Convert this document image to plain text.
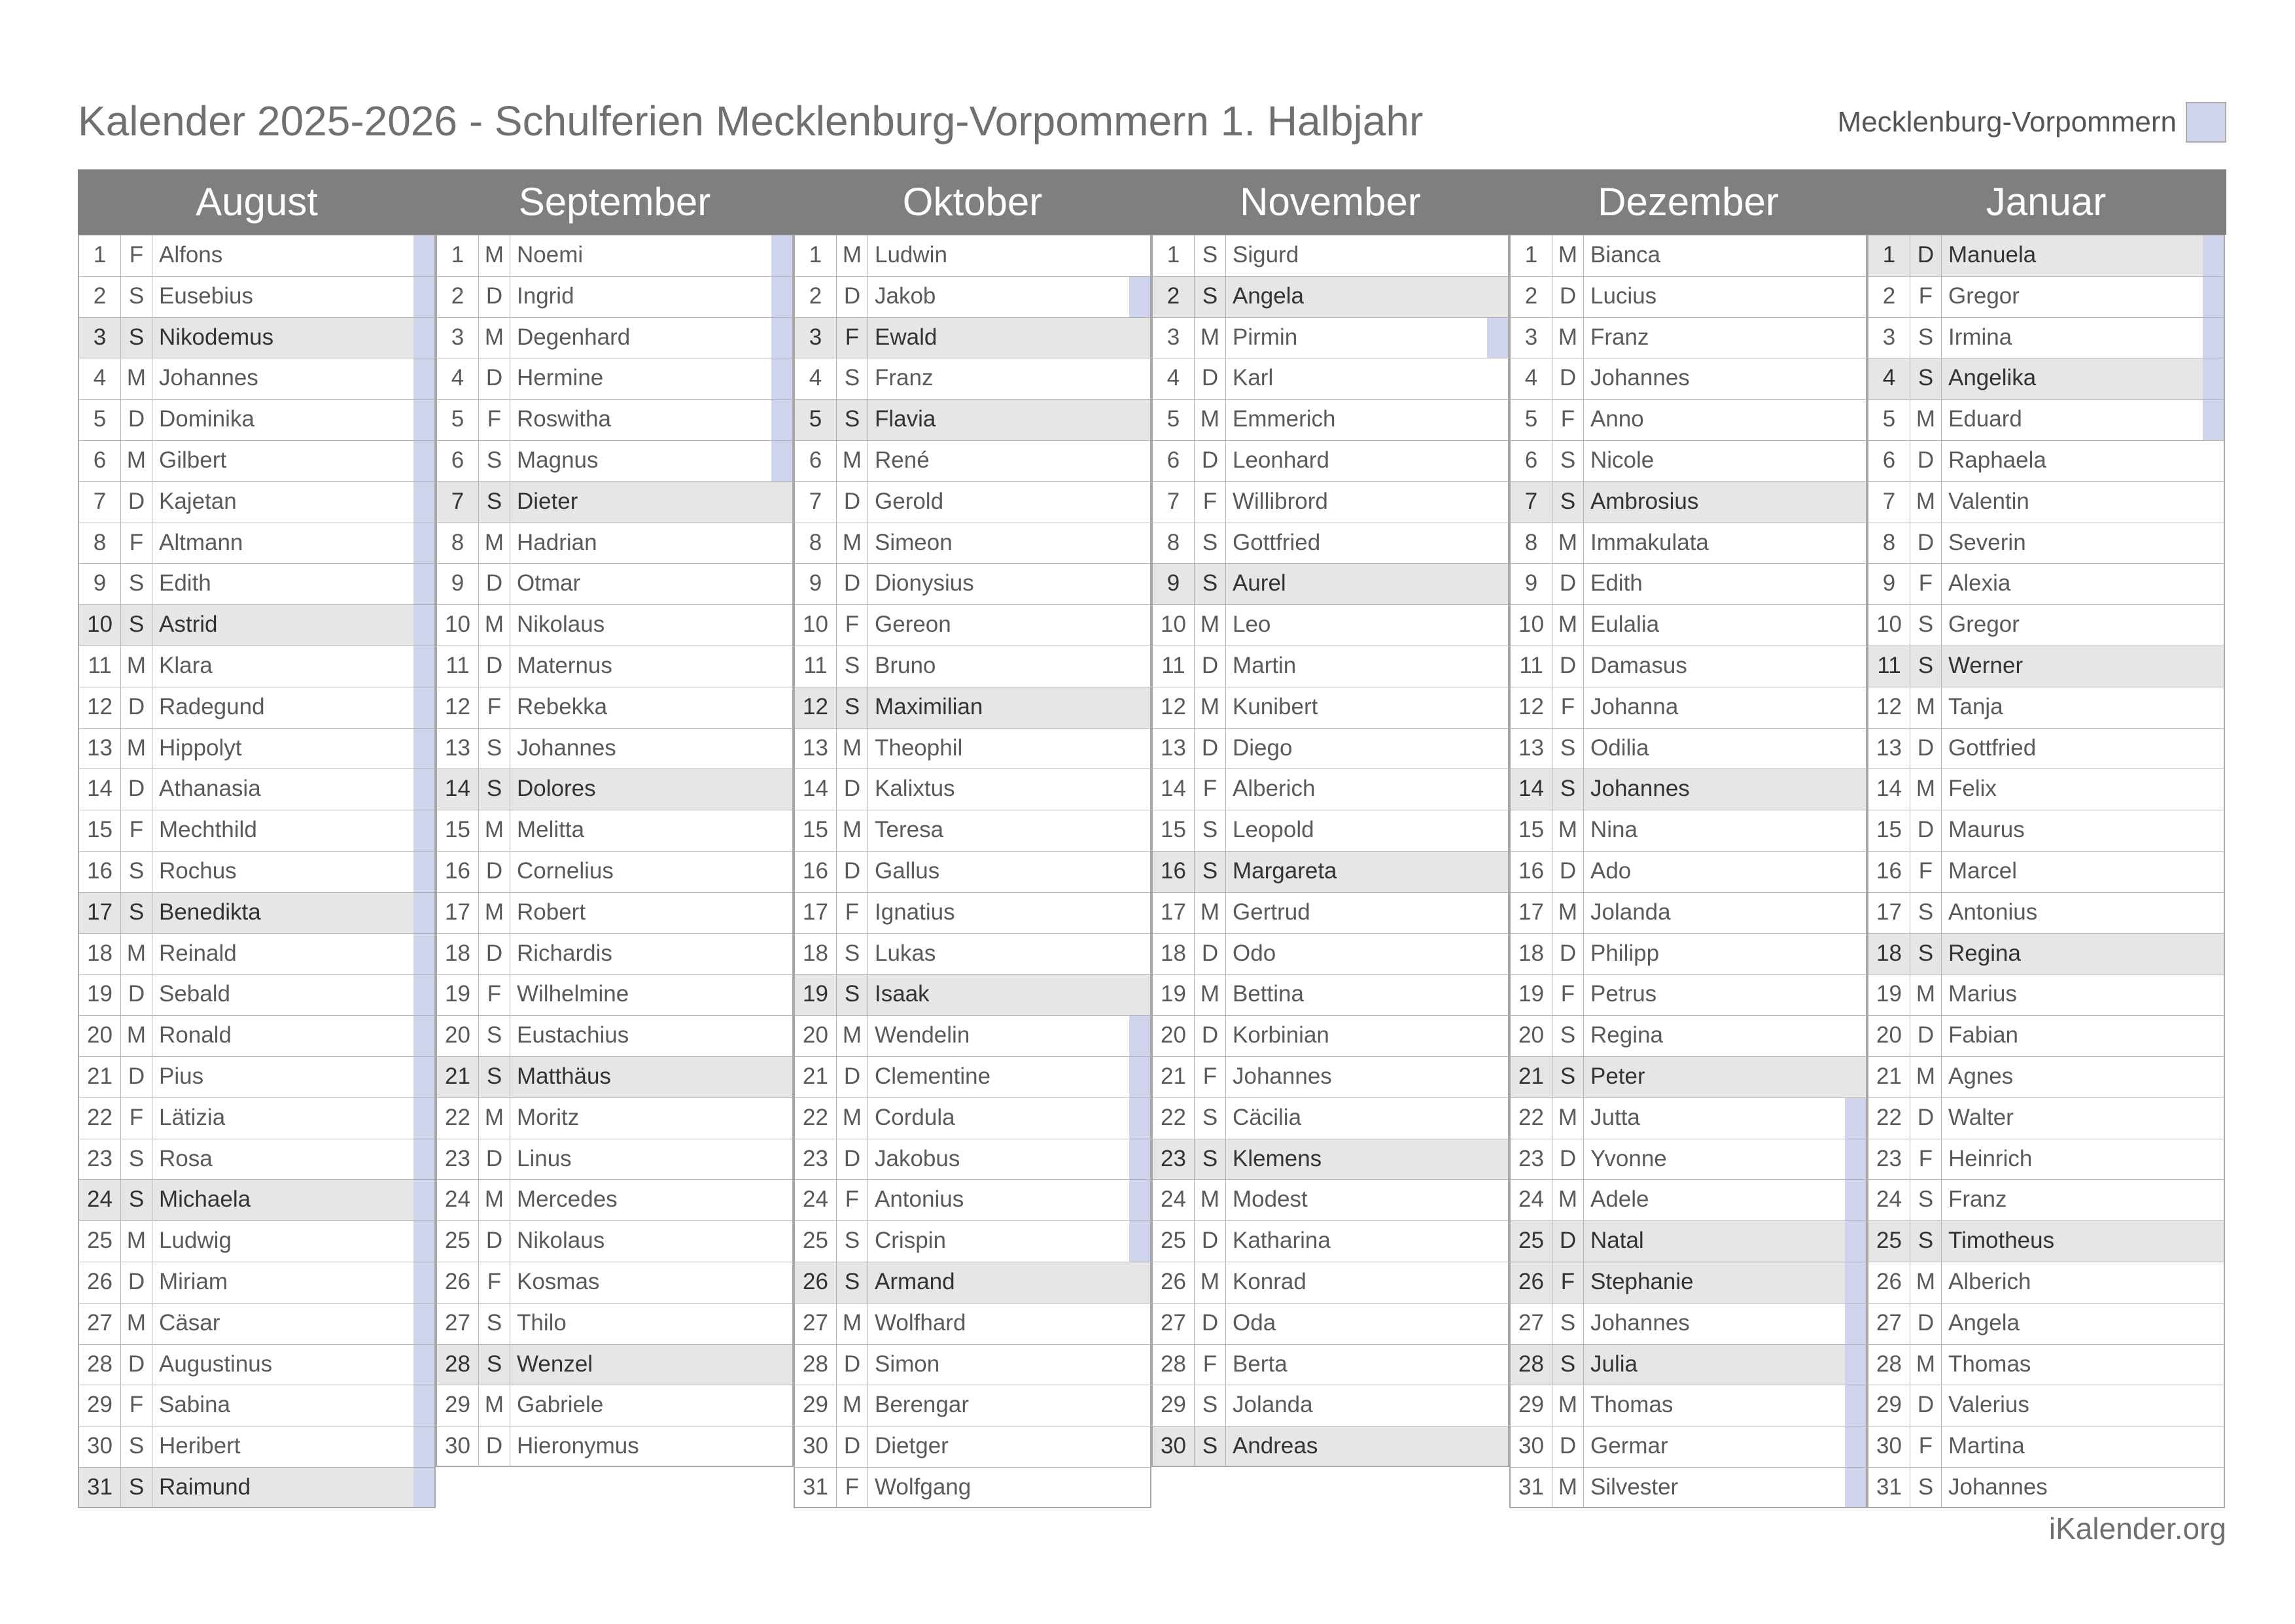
Kalender 2025-2026 - Schulferien Mecklenburg-Vorpommern 1. Halbjahr	Mecklenburg-Vorpommern
August	September	Oktober	November	Dezember	Januar
1	F Alfons
2 S Eusebius
3 S Nikodemus
4 M Johannes
5 D Dominika
6 M Gilbert
7 D Kajetan
8	F Altmann
9 S Edith
10 S Astrid
11 M Klara
12 D Radegund
13 M Hippolyt
14 D Athanasia
15 F Mechthild
16 S Rochus
17 S Benedikta
18 M Reinald
19 D Sebald
20 M Ronald
21 D Pius
22 F Lätizia
23 S Rosa
24 S Michaela
25 M Ludwig
26 D Miriam
27 M Cäsar
28 D Augustinus
29 F Sabina
30 S Heribert
31 S Raimund
1 M Noemi
2 D Ingrid
3 M Degenhard
4 D Hermine
5	F Roswitha
6 S Magnus
7 S Dieter
8 M Hadrian
9 D Otmar
10 M Nikolaus
11 D Maternus
12 F Rebekka
13 S Johannes
14 S Dolores
15 M Melitta
16 D Cornelius
17 M Robert
18 D Richardis
19 F Wilhelmine
20 S Eustachius
21 S Matthäus
22 M Moritz
23 D Linus
24 M Mercedes
25 D Nikolaus
26 F Kosmas
27 S Thilo
28 S Wenzel
29 M Gabriele
30 D Hieronymus
1 M Ludwin
2 D Jakob
3	F Ewald
4 S Franz
5 S Flavia
6 M René
7 D Gerold
8 M Simeon
9 D Dionysius
10 F Gereon
11 S Bruno
12 S Maximilian
13 M Theophil
14 D Kalixtus
15 M Teresa
16 D Gallus
17 F Ignatius
18 S Lukas
19 S Isaak
20 M Wendelin
21 D Clementine
22 M Cordula
23 D Jakobus
24 F Antonius
25 S Crispin
26 S Armand
27 M Wolfhard
28 D Simon
29 M Berengar
30 D Dietger
31 F Wolfgang
1 S Sigurd
2 S Angela
3 M Pirmin
4 D Karl
5 M Emmerich
6 D Leonhard
7	F Willibrord
8 S Gottfried
9 S Aurel
10 M Leo
11 D Martin
12 M Kunibert
13 D Diego
14 F Alberich
15 S Leopold
16 S Margareta
17 M Gertrud
18 D Odo
19 M Bettina
20 D Korbinian
21 F Johannes
22 S Cäcilia
23 S Klemens
24 M Modest
25 D Katharina
26 M Konrad
27 D Oda
28 F Berta
29 S Jolanda
30 S Andreas
1 M Bianca
2 D Lucius
3 M Franz
4 D Johannes
5	F Anno
6 S Nicole
7 S Ambrosius
8 M Immakulata
9 D Edith
10 M Eulalia
11 D Damasus
12 F Johanna
13 S Odilia
14 S Johannes
15 M Nina
16 D Ado
17 M Jolanda
18 D Philipp
19 F Petrus
20 S Regina
21 S Peter
22 M Jutta
23 D Yvonne
24 M Adele
25 D Natal
26 F Stephanie
27 S Johannes
28 S Julia
29 M Thomas
30 D Germar
31 M Silvester
1 D Manuela
2	F Gregor
3 S Irmina
4 S Angelika
5 M Eduard
6 D Raphaela
7 M Valentin
8 D Severin
9	F Alexia
10 S Gregor
11 S Werner
12 M Tanja
13 D Gottfried
14 M Felix
15 D Maurus
16 F Marcel
17 S Antonius
18 S Regina
19 M Marius
20 D Fabian
21 M Agnes
22 D Walter
23 F Heinrich
24 S Franz
25 S Timotheus
26 M Alberich
27 D Angela
28 M Thomas
29 D Valerius
30 F Martina
31 S Johannes
iKalender.org
